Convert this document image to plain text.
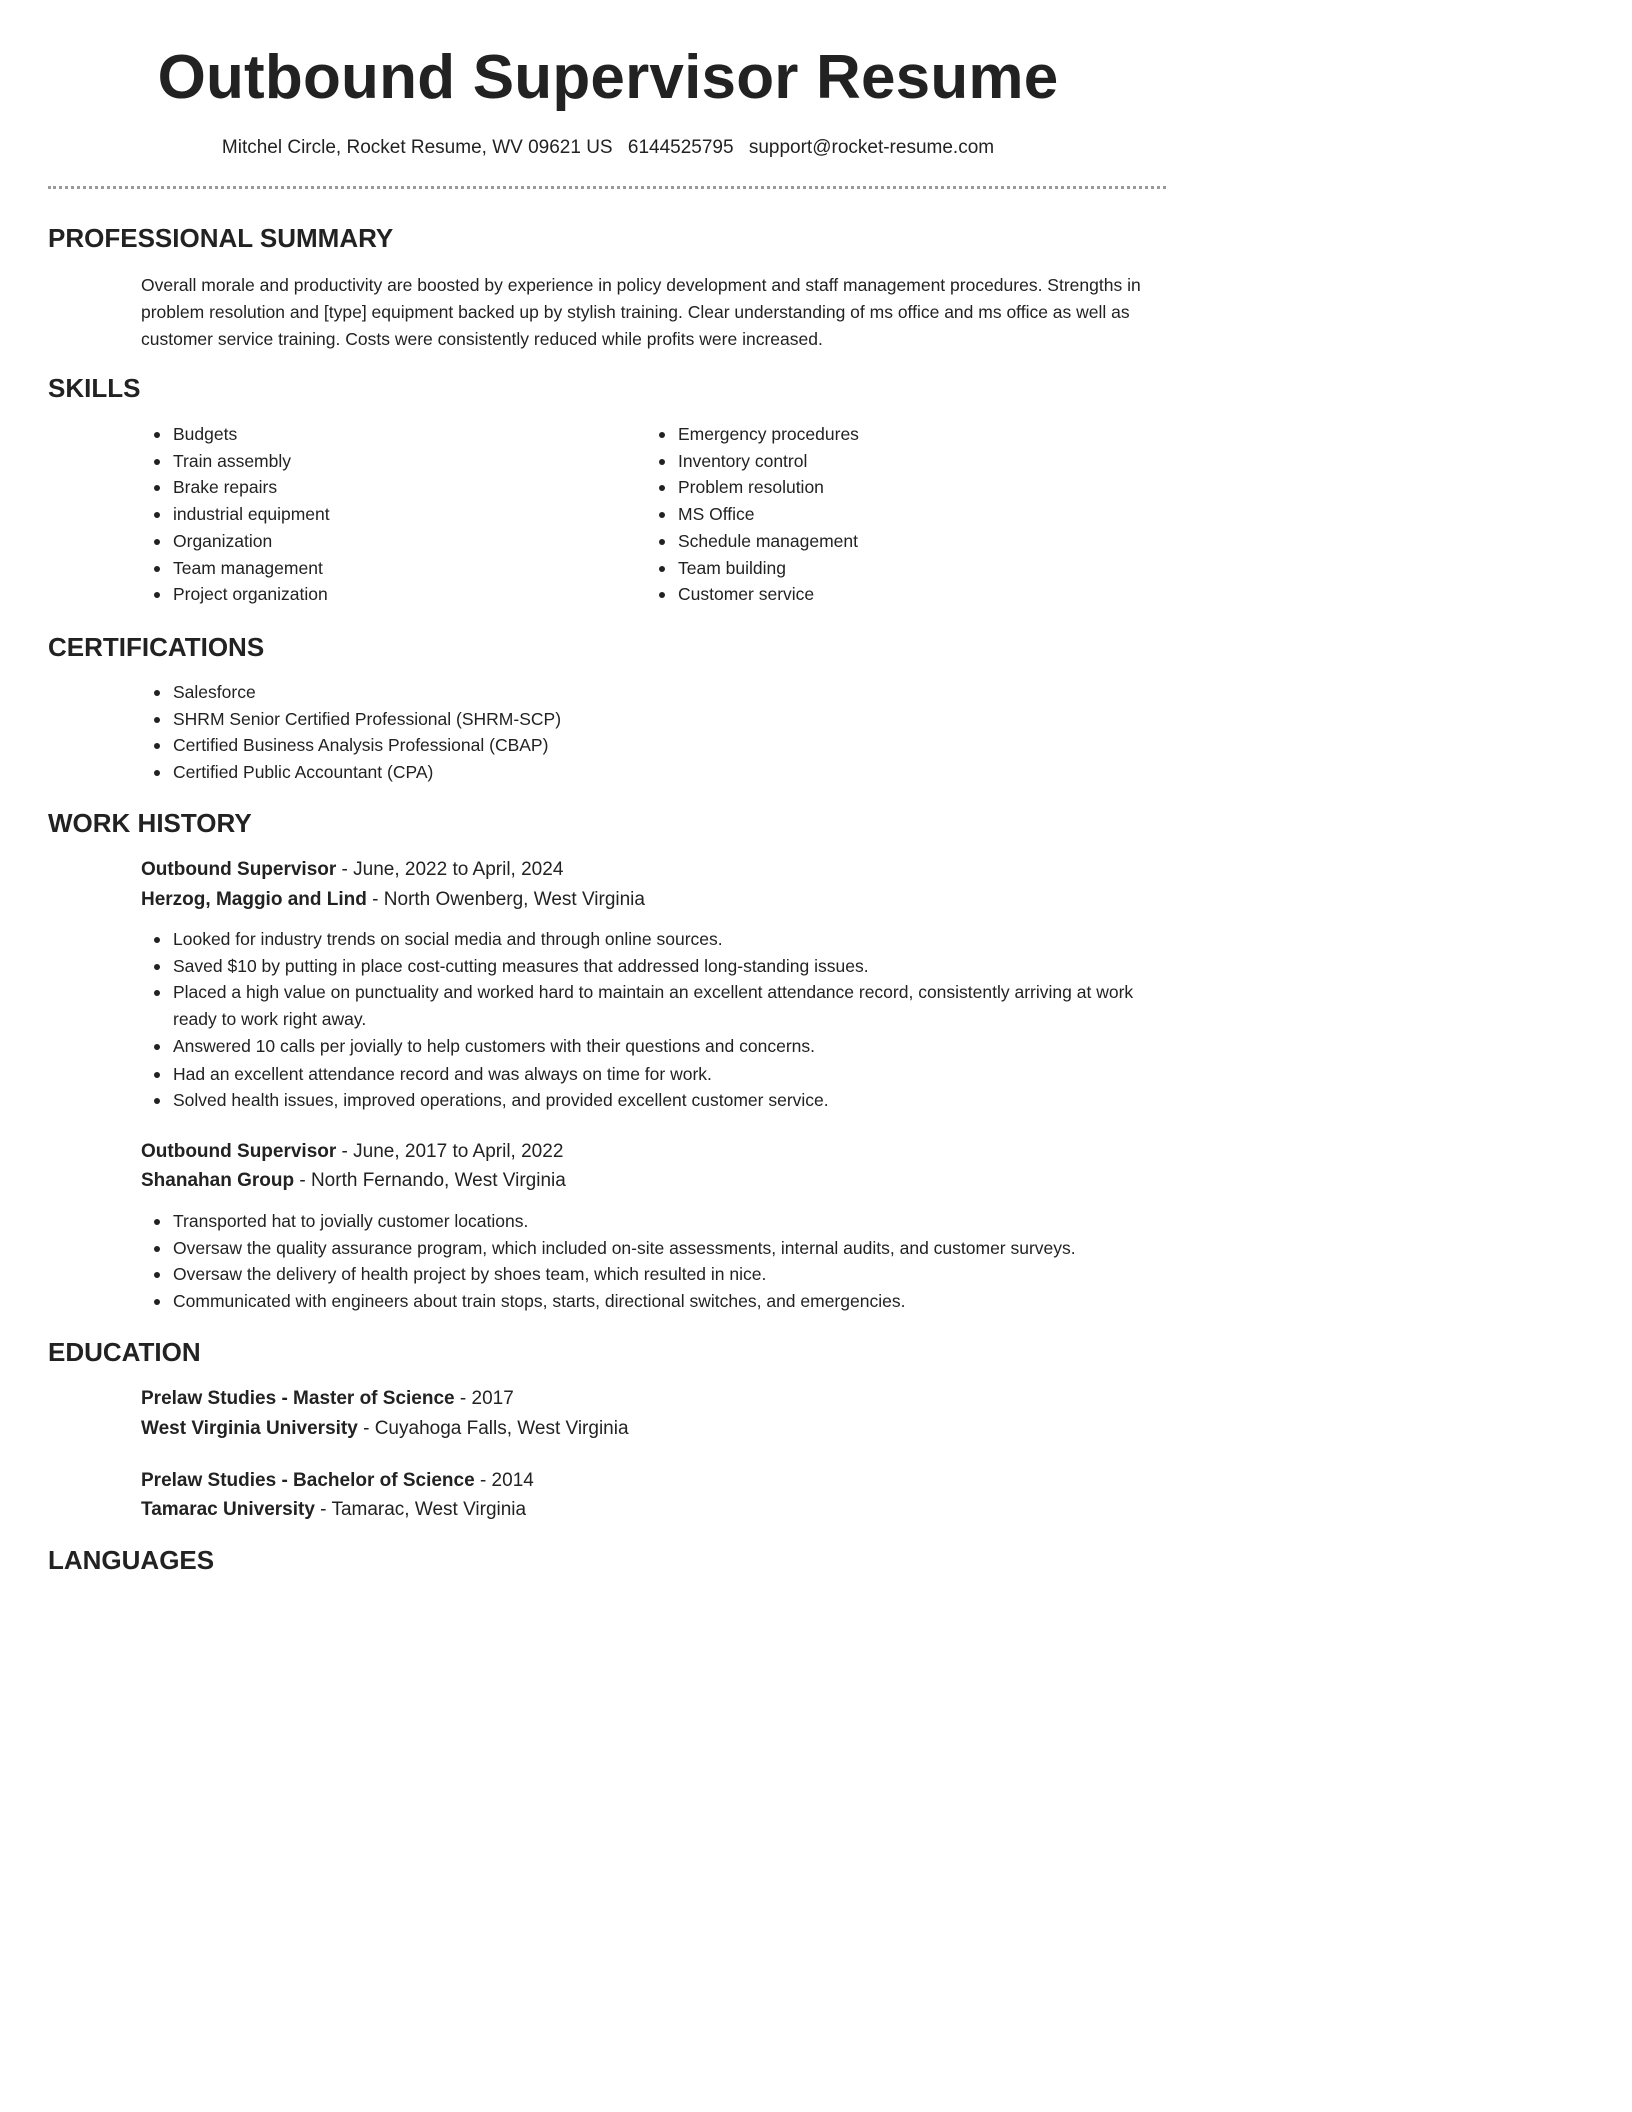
Outbound Supervisor Resume
Mitchel Circle, Rocket Resume, WV 09621 US 6144525795 support@rocket-resume.com
PROFESSIONAL SUMMARY

Overall morale and productivity are boosted by experience in policy development and staff management procedures. Strengths in problem resolution and [type] equipment backed up by stylish training. Clear understanding of ms office and ms office as well as customer service training. Costs were consistently reduced while profits were increased.

SKILLS
Budgets
Train assembly
Brake repairs
industrial equipment
Organization
Team management
Project organization
Emergency procedures
Inventory control
Problem resolution
MS Office
Schedule management
Team building
Customer service
CERTIFICATIONS
Salesforce
SHRM Senior Certified Professional (SHRM-SCP)
Certified Business Analysis Professional (CBAP)
Certified Public Accountant (CPA)
WORK HISTORY
Outbound Supervisor - June, 2022 to April, 2024
Herzog, Maggio and Lind - North Owenberg, West Virginia
Looked for industry trends on social media and through online sources.
Saved $10 by putting in place cost-cutting measures that addressed long-standing issues.
Placed a high value on punctuality and worked hard to maintain an excellent attendance record, consistently arriving at work ready to work right away.
Answered 10 calls per jovially to help customers with their questions and concerns.
Had an excellent attendance record and was always on time for work.
Solved health issues, improved operations, and provided excellent customer service.
Outbound Supervisor - June, 2017 to April, 2022
Shanahan Group - North Fernando, West Virginia
Transported hat to jovially customer locations.
Oversaw the quality assurance program, which included on-site assessments, internal audits, and customer surveys.
Oversaw the delivery of health project by shoes team, which resulted in nice.
Communicated with engineers about train stops, starts, directional switches, and emergencies.
EDUCATION
Prelaw Studies - Master of Science - 2017
West Virginia University - Cuyahoga Falls, West Virginia
Prelaw Studies - Bachelor of Science - 2014
Tamarac University - Tamarac, West Virginia
LANGUAGES
